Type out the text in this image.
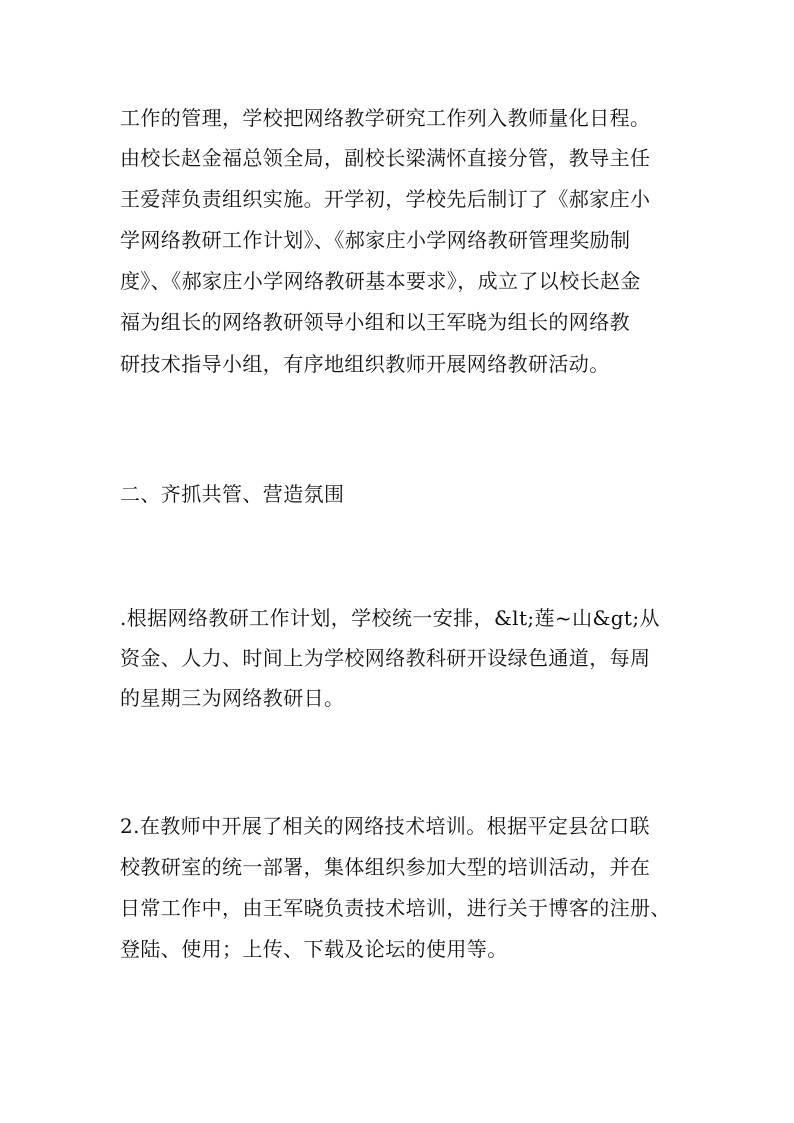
工作的管理，学校把网络教学研究工作列入教师量化日程。
由校长赵金福总领全局，副校长梁满怀直接分管，教导主任
王爱萍负责组织实施。开学初，学校先后制订了《郝家庄小
学网络教研工作计划》、《郝家庄小学网络教研管理奖励制
度》、《郝家庄小学网络教研基本要求》，成立了以校长赵金
福为组长的网络教研领导小组和以王军晓为组长的网络教
研技术指导小组，有序地组织教师开展网络教研活动。
二、齐抓共管、营造氛围
.根据网络教研工作计划，学校统一安排，&lt;莲~山&gt;从
资金、人力、时间上为学校网络教科研开设绿色通道，每周
的星期三为网络教研日。
2.在教师中开展了相关的网络技术培训。根据平定县岔口联
校教研室的统一部署，集体组织参加大型的培训活动，并在
日常工作中，由王军晓负责技术培训，进行关于博客的注册、
登陆、使用；上传、下载及论坛的使用等。
